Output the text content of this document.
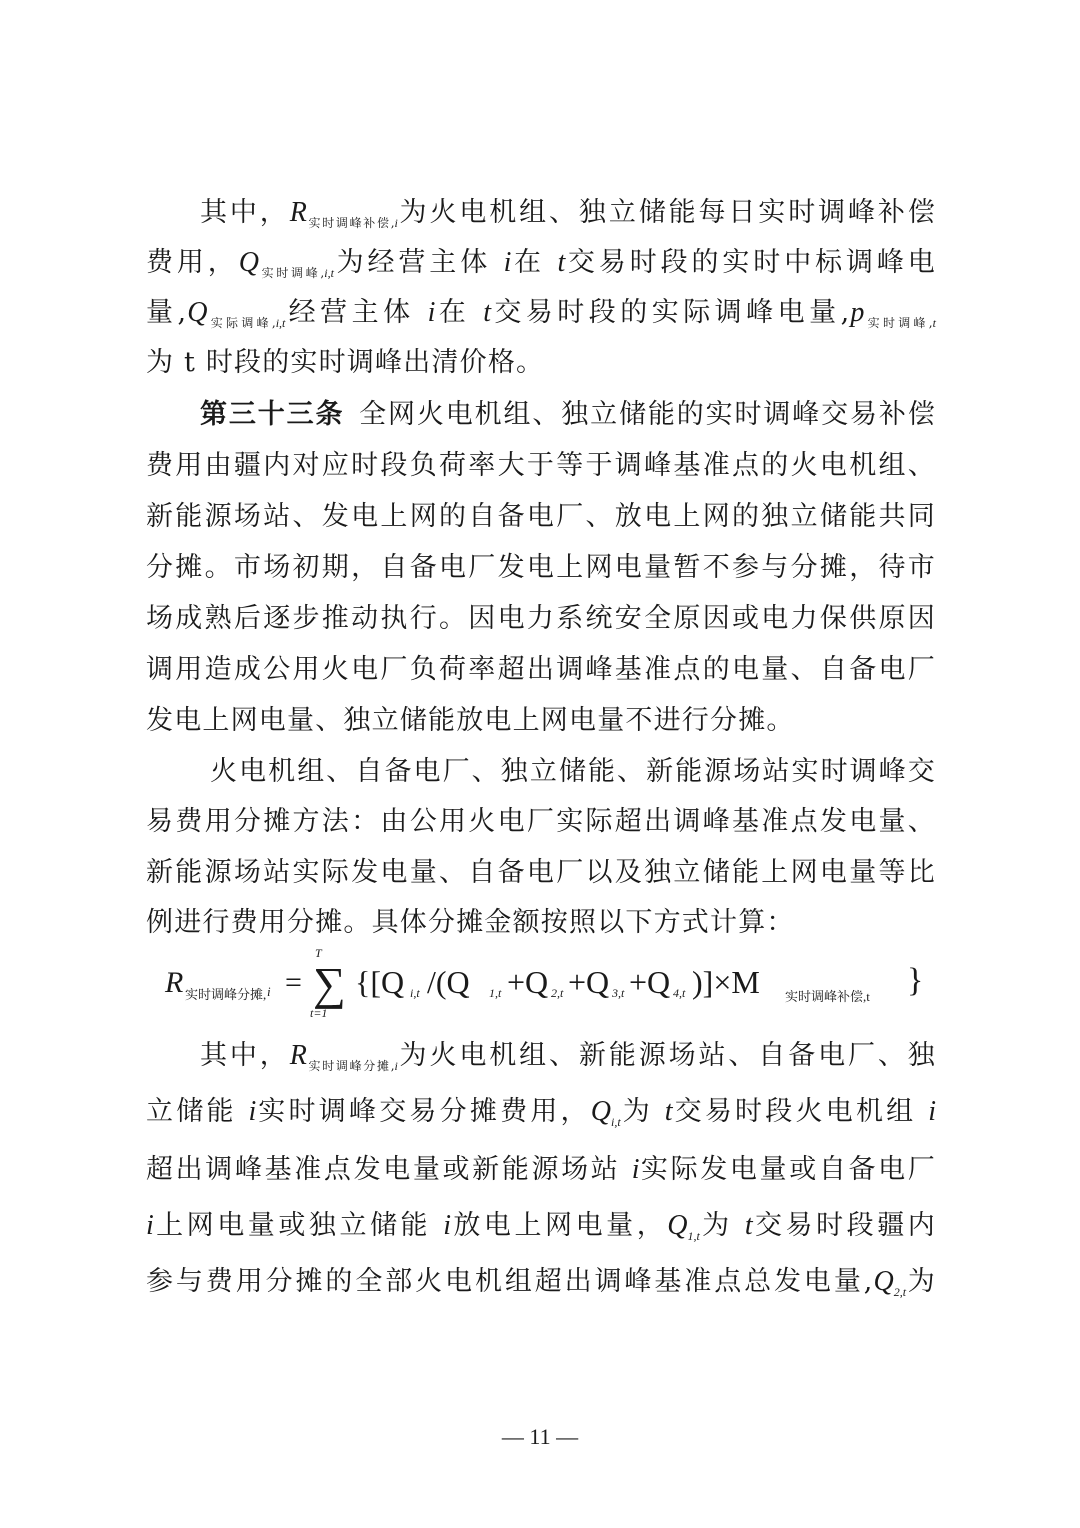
其中，$R_{实时调峰补偿,i}$为火电机组、独立储能每日实时调峰补偿
费用，$Q_{实时调峰,i,t}$为经营主体 i在 t交易时段的实时中标调峰电
量$,Q_{实际调峰,i,t}$经营主体 i在 t交易时段的实际调峰电量$,p_{实时调峰,t}$
为 t 时段的实时调峰出清价格。
第三十三条 全网火电机组、独立储能的实时调峰交易补偿
费用由疆内对应时段负荷率大于等于调峰基准点的火电机组、
新能源场站、发电上网的自备电厂、放电上网的独立储能共同
分摊。市场初期，自备电厂发电上网电量暂不参与分摊，待市
场成熟后逐步推动执行。因电力系统安全原因或电力保供原因
调用造成公用火电厂负荷率超出调峰基准点的电量、自备电厂
发电上网电量、独立储能放电上网电量不进行分摊。
火电机组、自备电厂、独立储能、新能源场站实时调峰交
易费用分摊方法：由公用火电厂实际超出调峰基准点发电量、
新能源场站实际发电量、自备电厂以及独立储能上网电量等比
例进行费用分摊。具体分摊金额按照以下方式计算：
R 实时调峰分摊, i =
T
∑
t=1
{[Q i,t /(Q 1,t +Q 2,t +Q 3,t +Q 4,t )]×M 实时调峰补偿,t }
其中，$R_{实时调峰分摊,i}$为火电机组、新能源场站、自备电厂、独
立储能 i实时调峰交易分摊费用，$Q_{i,t}$为 t交易时段火电机组 i
超出调峰基准点发电量或新能源场站 i实际发电量或自备电厂
i上网电量或独立储能 i放电上网电量，$Q_{1,t}$为 t交易时段疆内
参与费用分摊的全部火电机组超出调峰基准点总发电量$,Q_{2,t}$为
— 11 —
